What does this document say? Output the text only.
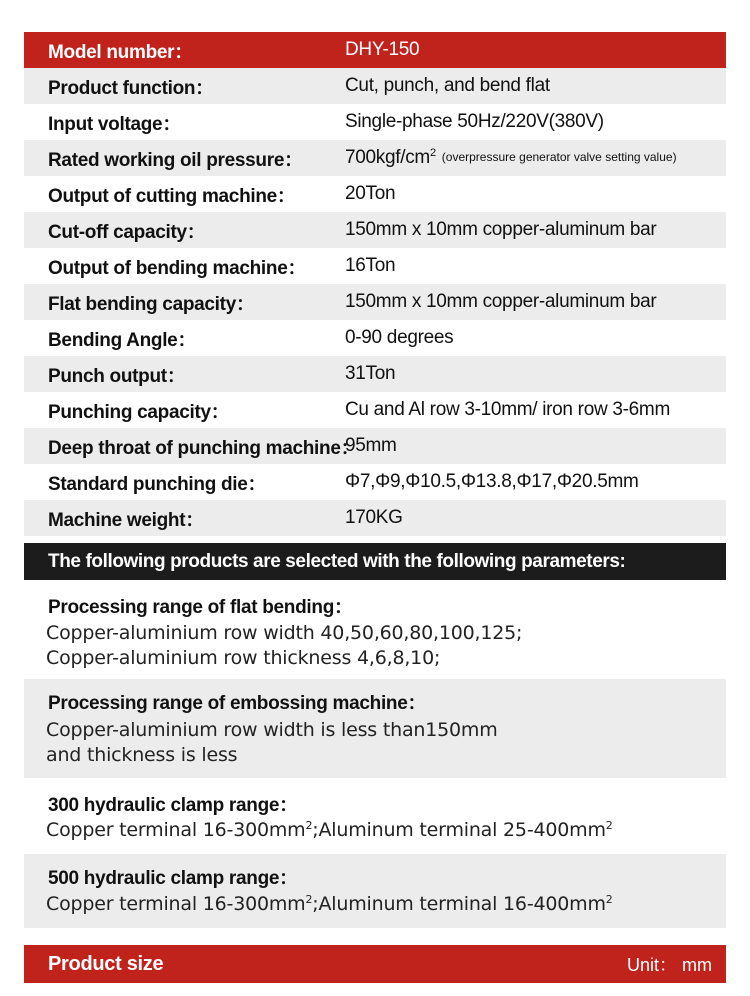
Model number：	DHY-150
Product function：	Cut, punch, and bend flat
Input voltage：	Single-phase 50Hz/220V(380V)
Rated working oil pressure：	$700kgf/cm^2$ (overpressure generator valve setting value)
Output of cutting machine：	20Ton
Cut-off capacity：	150mm x 10mm copper-aluminum bar
Output of bending machine：	16Ton
Flat bending capacity：	150mm x 10mm copper-aluminum bar
Bending Angle：	0-90 degrees
Punch output：	31Ton
Punching capacity：	Cu and Al row 3-10mm/ iron row 3-6mm
Deep throat of punching machine：
95mm
Standard punching die：	Φ7,Φ9,Φ10.5,Φ13.8,Φ17,Φ20.5mm
Machine weight：	170KG
The following products are selected with the following parameters:
Processing range of flat bending：
Copper-aluminium row width 40,50,60,80,100,125;
Copper-aluminium row thickness 4,6,8,10;
Processing range of embossing machine：
Copper-aluminium row width is less than150mm
and thickness is less
300 hydraulic clamp range：
Copper terminal $16-300mm^2;Aluminum$ terminal $25-400mm^2$
500 hydraulic clamp range：
Copper terminal $16-300mm^2;Aluminum$ terminal $16-400mm^2$
Product size	Unit： mm
